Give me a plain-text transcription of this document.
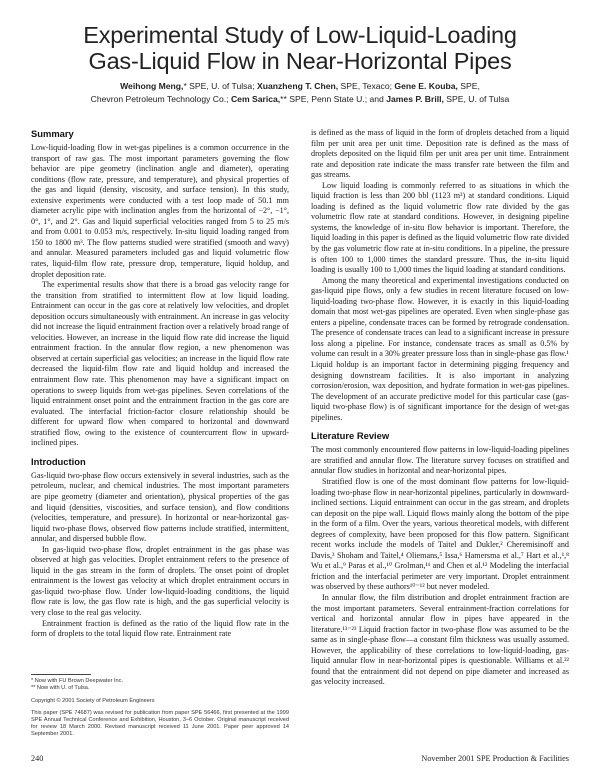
Experimental Study of Low-Liquid-Loading
Gas-Liquid Flow in Near-Horizontal Pipes
Weihong Meng,* SPE, U. of Tulsa; Xuanzheng T. Chen, SPE, Texaco; Gene E. Kouba, SPE,
Chevron Petroleum Technology Co.; Cem Sarica,** SPE, Penn State U.; and James P. Brill, SPE, U. of Tulsa
Summary

Low-liquid-loading flow in wet-gas pipelines is a common occurrence in the transport of raw gas. The most important parameters governing the flow behavior are pipe geometry (inclination angle and diameter), operating conditions (flow rate, pressure, and temperature), and physical properties of the gas and liquid (density, viscosity, and surface tension). In this study, extensive experiments were conducted with a test loop made of 50.1 mm diameter acrylic pipe with inclination angles from the horizontal of −2°, −1°, 0°, 1°, and 2°. Gas and liquid superficial velocities ranged from 5 to 25 m/s and from 0.001 to 0.053 m/s, respectively. In-situ liquid loading ranged from 150 to 1800 m³. The flow patterns studied were stratified (smooth and wavy) and annular. Measured parameters included gas and liquid volumetric flow rates, liquid-film flow rate, pressure drop, temperature, liquid holdup, and droplet deposition rate.

The experimental results show that there is a broad gas velocity range for the transition from stratified to intermittent flow at low liquid loading. Entrainment can occur in the gas core at relatively low velocities, and droplet deposition occurs simultaneously with entrainment. An increase in gas velocity did not increase the liquid entrainment fraction over a relatively broad range of velocities. However, an increase in the liquid flow rate did increase the liquid entrainment fraction. In the annular flow region, a new phenomenon was observed at certain superficial gas velocities; an increase in the liquid flow rate decreased the liquid-film flow rate and liquid holdup and increased the entrainment flow rate. This phenomenon may have a significant impact on operations to sweep liquids from wet-gas pipelines. Seven correlations of the liquid entrainment onset point and the entrainment fraction in the gas core are evaluated. The interfacial friction-factor closure relationship should be different for upward flow when compared to horizontal and downward stratified flow, owing to the existence of countercurrent flow in upward-inclined pipes.

Introduction

Gas-liquid two-phase flow occurs extensively in several industries, such as the petroleum, nuclear, and chemical industries. The most important parameters are pipe geometry (diameter and orientation), physical properties of the gas and liquid (densities, viscosities, and surface tension), and flow conditions (velocities, temperature, and pressure). In horizontal or near-horizontal gas-liquid two-phase flows, observed flow patterns include stratified, intermittent, annular, and dispersed bubble flow.

In gas-liquid two-phase flow, droplet entrainment in the gas phase was observed at high gas velocities. Droplet entrainment refers to the presence of liquid in the gas stream in the form of droplets. The onset point of droplet entrainment is the lowest gas velocity at which droplet entrainment occurs in gas-liquid two-phase flow. Under low-liquid-loading conditions, the liquid flow rate is low, the gas flow rate is high, and the gas superficial velocity is very close to the real gas velocity.

Entrainment fraction is defined as the ratio of the liquid flow rate in the form of droplets to the total liquid flow rate. Entrainment rate

is defined as the mass of liquid in the form of droplets detached from a liquid film per unit area per unit time. Deposition rate is defined as the mass of droplets deposited on the liquid film per unit area per unit time. Entrainment rate and deposition rate indicate the mass transfer rate between the film and gas streams.

Low liquid loading is commonly referred to as situations in which the liquid fraction is less than 200 bbl (1123 m³) at standard conditions. Liquid loading is defined as the liquid volumetric flow rate divided by the gas volumetric flow rate at standard conditions. However, in designing pipeline systems, the knowledge of in-situ flow behavior is important. Therefore, the liquid loading in this paper is defined as the liquid volumetric flow rate divided by the gas volumetric flow rate at in-situ conditions. In a pipeline, the pressure is often 100 to 1,000 times the standard pressure. Thus, the in-situ liquid loading is usually 100 to 1,000 times the liquid loading at standard conditions.

Among the many theoretical and experimental investigations conducted on gas-liquid pipe flows, only a few studies in recent literature focused on low-liquid-loading two-phase flow. However, it is exactly in this liquid-loading domain that most wet-gas pipelines are operated. Even when single-phase gas enters a pipeline, condensate traces can be formed by retrograde condensation. The presence of condensate traces can lead to a significant increase in pressure loss along a pipeline. For instance, condensate traces as small as 0.5% by volume can result in a 30% greater pressure loss than in single-phase gas flow.¹ Liquid holdup is an important factor in determining pigging frequency and designing downstream facilities. It is also important in analyzing corrosion/erosion, wax deposition, and hydrate formation in wet-gas pipelines. The development of an accurate predictive model for this particular case (gas-liquid two-phase flow) is of significant importance for the design of wet-gas pipelines.

Literature Review

The most commonly encountered flow patterns in low-liquid-loading pipelines are stratified and annular flow. The literature survey focuses on stratified and annular flow studies in horizontal and near-horizontal pipes.

Stratified flow is one of the most dominant flow patterns for low-liquid-loading two-phase flow in near-horizontal pipelines, particularly in downward-inclined sections. Liquid entrainment can occur in the gas stream, and droplets can deposit on the pipe wall. Liquid flows mainly along the bottom of the pipe in the form of a film. Over the years, various theoretical models, with different degrees of complexity, have been proposed for this flow pattern. Significant recent works include the models of Taitel and Dukler,² Cheremisinoff and Davis,³ Shoham and Taitel,⁴ Oliemans,⁵ Issa,⁶ Hamersma et al.,⁷ Hart et al.,¹,⁸ Wu et al.,⁹ Paras et al.,¹⁰ Grolman,¹¹ and Chen et al.¹² Modeling the interfacial friction and the interfacial perimeter are very important. Droplet entrainment was observed by these authors¹⁰⁻¹² but never modeled.

In annular flow, the film distribution and droplet entrainment fraction are the most important parameters. Several entrainment-fraction correlations for vertical and horizontal annular flow in pipes have appeared in the literature.¹³⁻²³ Liquid fraction factor in two-phase flow was assumed to be the same as in single-phase flow—a constant film thickness was usually assumed. However, the applicability of these correlations to low-liquid-loading, gas-liquid annular flow in near-horizontal pipes is questionable. Williams et al.²² found that the entrainment did not depend on pipe diameter and increased as gas velocity increased.

* Now with FU Brown Deepwater Inc.

** Now with U. of Tulsa.

Copyright © 2001 Society of Petroleum Engineers

This paper (SPE 74687) was revised for publication from paper SPE 56466, first presented at the 1999 SPE Annual Technical Conference and Exhibition, Houston, 3–6 October. Original manuscript received for review 18 March 2000. Revised manuscript received 11 June 2001. Paper peer approved 14 September 2001.

240	November 2001 SPE Production & Facilities
